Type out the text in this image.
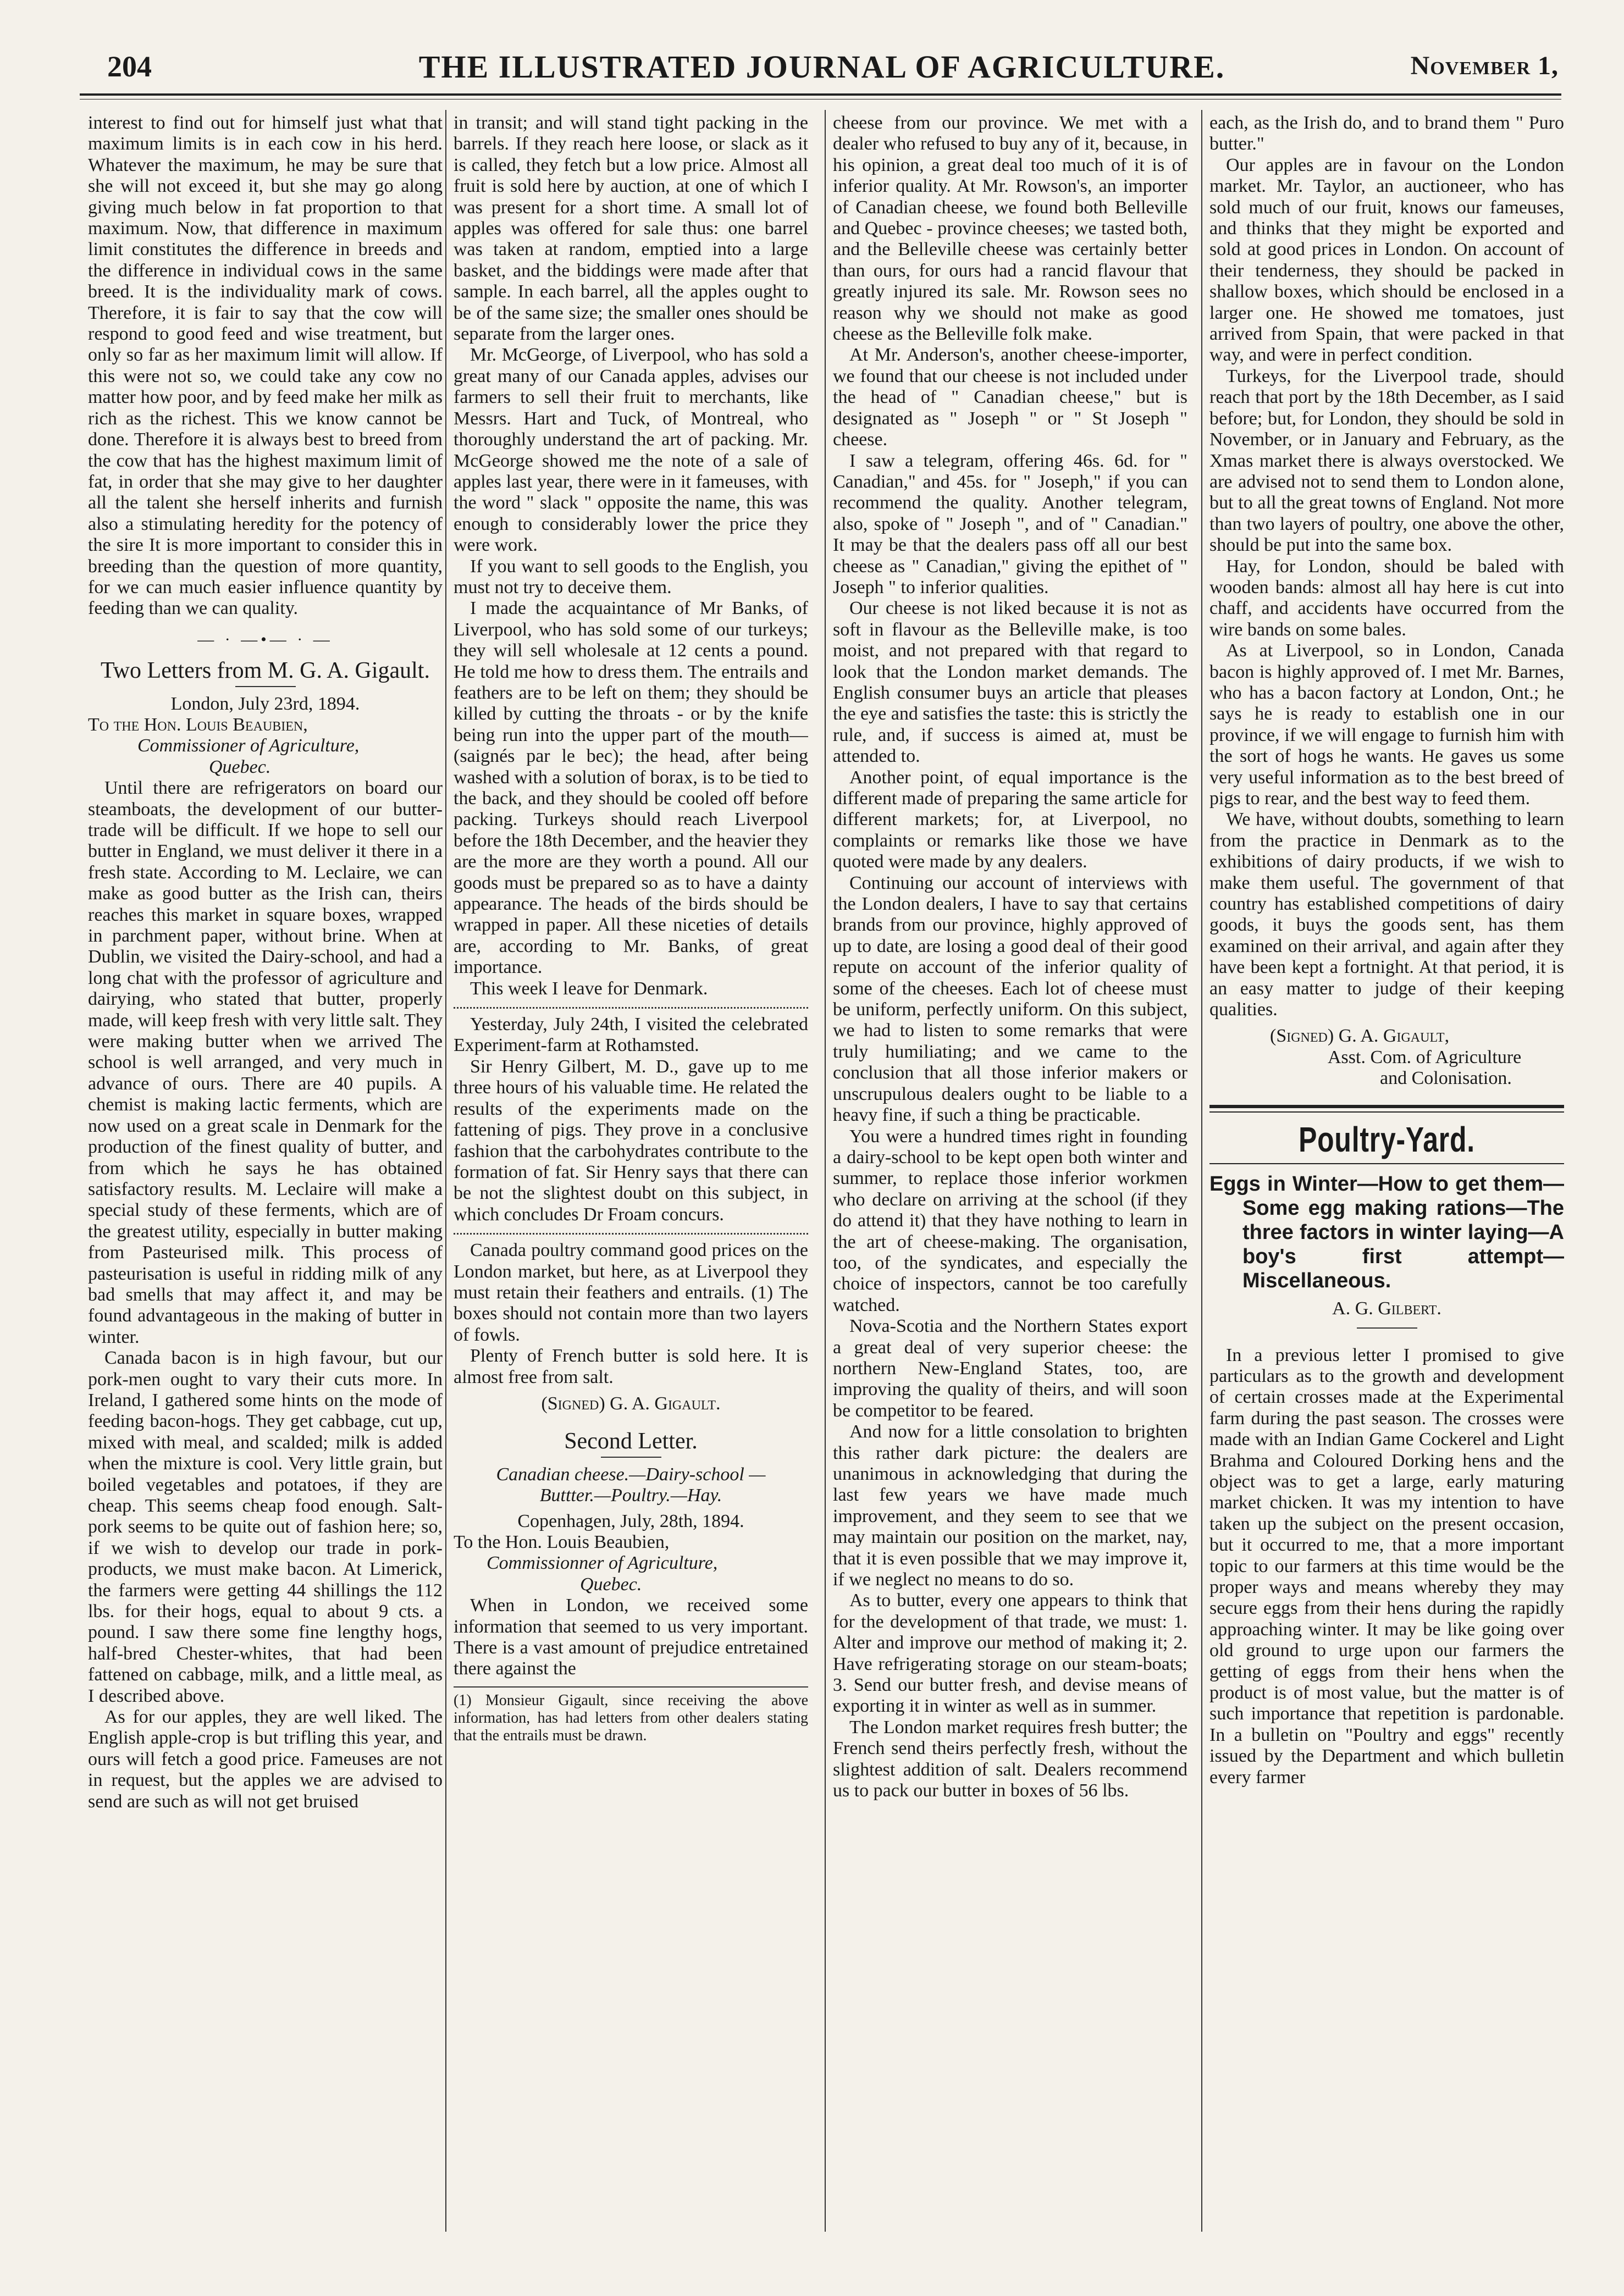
204	THE ILLUSTRATED JOURNAL OF AGRICULTURE.	November 1,

interest to find out for himself just what that maximum limits is in each cow in his herd. Whatever the maximum, he may be sure that she will not exceed it, but she may go along giving much below in fat proportion to that maximum. Now, that difference in maximum limit constitutes the difference in breeds and the difference in individual cows in the same breed. It is the individuality mark of cows. Therefore, it is fair to say that the cow will respond to good feed and wise treatment, but only so far as her maximum limit will allow. If this were not so, we could take any cow no matter how poor, and by feed make her milk as rich as the richest. This we know cannot be done. Therefore it is always best to breed from the cow that has the highest maximum limit of fat, in order that she may give to her daughter all the talent she herself inherits and furnish also a stimulating heredity for the potency of the sire It is more important to consider this in breeding than the question of more quantity, for we can much easier influence quantity by feeding than we can quality.

— · —•— · —
Two Letters from M. G. A. Gigault.

London, July 23rd, 1894.

To the Hon. Louis Beaubien,

Commissioner of Agriculture,

Quebec.

Until there are refrigerators on board our steamboats, the development of our butter-trade will be difficult. If we hope to sell our butter in England, we must deliver it there in a fresh state. According to M. Leclaire, we can make as good butter as the Irish can, theirs reaches this market in square boxes, wrapped in parchment paper, without brine. When at Dublin, we visited the Dairy-school, and had a long chat with the professor of agriculture and dairying, who stated that butter, properly made, will keep fresh with very little salt. They were making butter when we arrived The school is well arranged, and very much in advance of ours. There are 40 pupils. A chemist is making lactic ferments, which are now used on a great scale in Denmark for the production of the finest quality of butter, and from which he says he has obtained satisfactory results. M. Leclaire will make a special study of these ferments, which are of the greatest utility, especially in butter making from Pasteurised milk. This process of pasteurisation is useful in ridding milk of any bad smells that may affect it, and may be found advantageous in the making of butter in winter.

Canada bacon is in high favour, but our pork-men ought to vary their cuts more. In Ireland, I gathered some hints on the mode of feeding bacon-hogs. They get cabbage, cut up, mixed with meal, and scalded; milk is added when the mixture is cool. Very little grain, but boiled vegetables and potatoes, if they are cheap. This seems cheap food enough. Salt-pork seems to be quite out of fashion here; so, if we wish to develop our trade in pork-products, we must make bacon. At Limerick, the farmers were getting 44 shillings the 112 lbs. for their hogs, equal to about 9 cts. a pound. I saw there some fine lengthy hogs, half-bred Chester-whites, that had been fattened on cabbage, milk, and a little meal, as I described above.

As for our apples, they are well liked. The English apple-crop is but trifling this year, and ours will fetch a good price. Fameuses are not in request, but the apples we are advised to send are such as will not get bruised

in transit; and will stand tight packing in the barrels. If they reach here loose, or slack as it is called, they fetch but a low price. Almost all fruit is sold here by auction, at one of which I was present for a short time. A small lot of apples was offered for sale thus: one barrel was taken at random, emptied into a large basket, and the biddings were made after that sample. In each barrel, all the apples ought to be of the same size; the smaller ones should be separate from the larger ones.

Mr. McGeorge, of Liverpool, who has sold a great many of our Canada apples, advises our farmers to sell their fruit to merchants, like Messrs. Hart and Tuck, of Montreal, who thoroughly understand the art of packing. Mr. McGeorge showed me the note of a sale of apples last year, there were in it fameuses, with the word " slack " opposite the name, this was enough to considerably lower the price they were work.

If you want to sell goods to the English, you must not try to deceive them.

I made the acquaintance of Mr Banks, of Liverpool, who has sold some of our turkeys; they will sell wholesale at 12 cents a pound. He told me how to dress them. The entrails and feathers are to be left on them; they should be killed by cutting the throats - or by the knife being run into the upper part of the mouth—(saignés par le bec); the head, after being washed with a solution of borax, is to be tied to the back, and they should be cooled off before packing. Turkeys should reach Liverpool before the 18th December, and the heavier they are the more are they worth a pound. All our goods must be prepared so as to have a dainty appearance. The heads of the birds should be wrapped in paper. All these niceties of details are, according to Mr. Banks, of great importance.

This week I leave for Denmark.

Yesterday, July 24th, I visited the celebrated Experiment-farm at Rothamsted.

Sir Henry Gilbert, M. D., gave up to me three hours of his valuable time. He related the results of the experiments made on the fattening of pigs. They prove in a conclusive fashion that the carbohydrates contribute to the formation of fat. Sir Henry says that there can be not the slightest doubt on this subject, in which concludes Dr Froam concurs.

Canada poultry command good prices on the London market, but here, as at Liverpool they must retain their feathers and entrails. (1) The boxes should not contain more than two layers of fowls.

Plenty of French butter is sold here. It is almost free from salt.

(Signed) G. A. Gigault.

Second Letter.

Canadian cheese.—Dairy-school — Buttter.—Poultry.—Hay.

Copenhagen, July, 28th, 1894.

To the Hon. Louis Beaubien,

Commissionner of Agriculture,

Quebec.

When in London, we received some information that seemed to us very important. There is a vast amount of prejudice entretained there against the

(1) Monsieur Gigault, since receiving the above information, has had letters from other dealers stating that the entrails must be drawn.

cheese from our province. We met with a dealer who refused to buy any of it, because, in his opinion, a great deal too much of it is of inferior quality. At Mr. Rowson's, an importer of Canadian cheese, we found both Belleville and Quebec - province cheeses; we tasted both, and the Belleville cheese was certainly better than ours, for ours had a rancid flavour that greatly injured its sale. Mr. Rowson sees no reason why we should not make as good cheese as the Belleville folk make.

At Mr. Anderson's, another cheese-importer, we found that our cheese is not included under the head of " Canadian cheese," but is designated as " Joseph " or " St Joseph " cheese.

I saw a telegram, offering 46s. 6d. for " Canadian," and 45s. for " Joseph," if you can recommend the quality. Another telegram, also, spoke of " Joseph ", and of " Canadian." It may be that the dealers pass off all our best cheese as " Canadian," giving the epithet of " Joseph " to inferior qualities.

Our cheese is not liked because it is not as soft in flavour as the Belleville make, is too moist, and not prepared with that regard to look that the London market demands. The English consumer buys an article that pleases the eye and satisfies the taste: this is strictly the rule, and, if success is aimed at, must be attended to.

Another point, of equal importance is the different made of preparing the same article for different markets; for, at Liverpool, no complaints or remarks like those we have quoted were made by any dealers.

Continuing our account of interviews with the London dealers, I have to say that certains brands from our province, highly approved of up to date, are losing a good deal of their good repute on account of the inferior quality of some of the cheeses. Each lot of cheese must be uniform, perfectly uniform. On this subject, we had to listen to some remarks that were truly humiliating; and we came to the conclusion that all those inferior makers or unscrupulous dealers ought to be liable to a heavy fine, if such a thing be practicable.

You were a hundred times right in founding a dairy-school to be kept open both winter and summer, to replace those inferior workmen who declare on arriving at the school (if they do attend it) that they have nothing to learn in the art of cheese-making. The organisation, too, of the syndicates, and especially the choice of inspectors, cannot be too carefully watched.

Nova-Scotia and the Northern States export a great deal of very superior cheese: the northern New-England States, too, are improving the quality of theirs, and will soon be competitor to be feared.

And now for a little consolation to brighten this rather dark picture: the dealers are unanimous in acknowledging that during the last few years we have made much improvement, and they seem to see that we may maintain our position on the market, nay, that it is even possible that we may improve it, if we neglect no means to do so.

As to butter, every one appears to think that for the development of that trade, we must: 1. Alter and improve our method of making it; 2. Have refrigerating storage on our steam-boats; 3. Send our butter fresh, and devise means of exporting it in winter as well as in summer.

The London market requires fresh butter; the French send theirs perfectly fresh, without the slightest addition of salt. Dealers recommend us to pack our butter in boxes of 56 lbs.

each, as the Irish do, and to brand them " Puro butter."

Our apples are in favour on the London market. Mr. Taylor, an auctioneer, who has sold much of our fruit, knows our fameuses, and thinks that they might be exported and sold at good prices in London. On account of their tenderness, they should be packed in shallow boxes, which should be enclosed in a larger one. He showed me tomatoes, just arrived from Spain, that were packed in that way, and were in perfect condition.

Turkeys, for the Liverpool trade, should reach that port by the 18th December, as I said before; but, for London, they should be sold in November, or in January and February, as the Xmas market there is always overstocked. We are advised not to send them to London alone, but to all the great towns of England. Not more than two layers of poultry, one above the other, should be put into the same box.

Hay, for London, should be baled with wooden bands: almost all hay here is cut into chaff, and accidents have occurred from the wire bands on some bales.

As at Liverpool, so in London, Canada bacon is highly approved of. I met Mr. Barnes, who has a bacon factory at London, Ont.; he says he is ready to establish one in our province, if we will engage to furnish him with the sort of hogs he wants. He gaves us some very useful information as to the best breed of pigs to rear, and the best way to feed them.

We have, without doubts, something to learn from the practice in Denmark as to the exhibitions of dairy products, if we wish to make them useful. The government of that country has established competitions of dairy goods, it buys the goods sent, has them examined on their arrival, and again after they have been kept a fortnight. At that period, it is an easy matter to judge of their keeping qualities.

(Signed) G. A. Gigault,

Asst. Com. of Agriculture

and Colonisation.

Poultry-Yard.
Eggs in Winter—How to get them—Some egg making rations—The three factors in winter laying—A boy's first attempt—Miscellaneous.
A. G. Gilbert.

In a previous letter I promised to give particulars as to the growth and development of certain crosses made at the Experimental farm during the past season. The crosses were made with an Indian Game Cockerel and Light Brahma and Coloured Dorking hens and the object was to get a large, early maturing market chicken. It was my intention to have taken up the subject on the present occasion, but it occurred to me, that a more important topic to our farmers at this time would be the proper ways and means whereby they may secure eggs from their hens during the rapidly approaching winter. It may be like going over old ground to urge upon our farmers the getting of eggs from their hens when the product is of most value, but the matter is of such importance that repetition is pardonable. In a bulletin on "Poultry and eggs" recently issued by the Department and which bulletin every farmer
